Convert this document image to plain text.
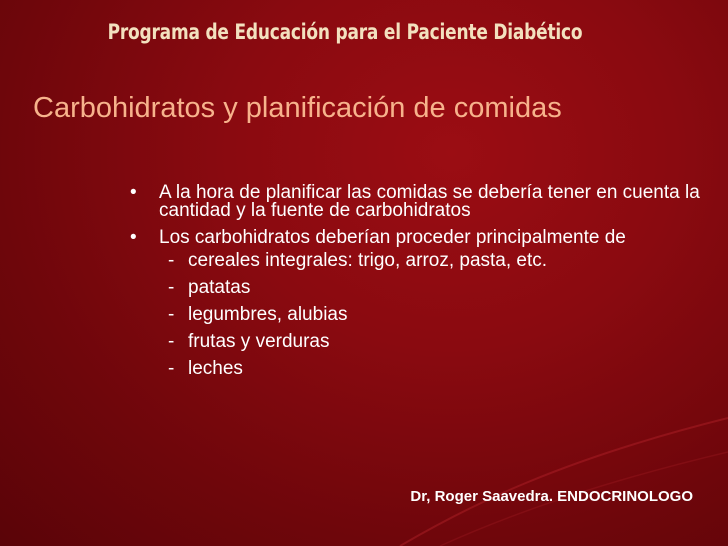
Programa de Educación para el Paciente Diabético
Carbohidratos y planificación de comidas
• A la hora de planificar las comidas se debería tener en cuenta la cantidad y la fuente de carbohidratos
• Los carbohidratos deberían proceder principalmente de
- cereales integrales: trigo, arroz, pasta, etc.
- patatas
- legumbres, alubias
- frutas y verduras
- leches
Dr, Roger Saavedra. ENDOCRINOLOGO
